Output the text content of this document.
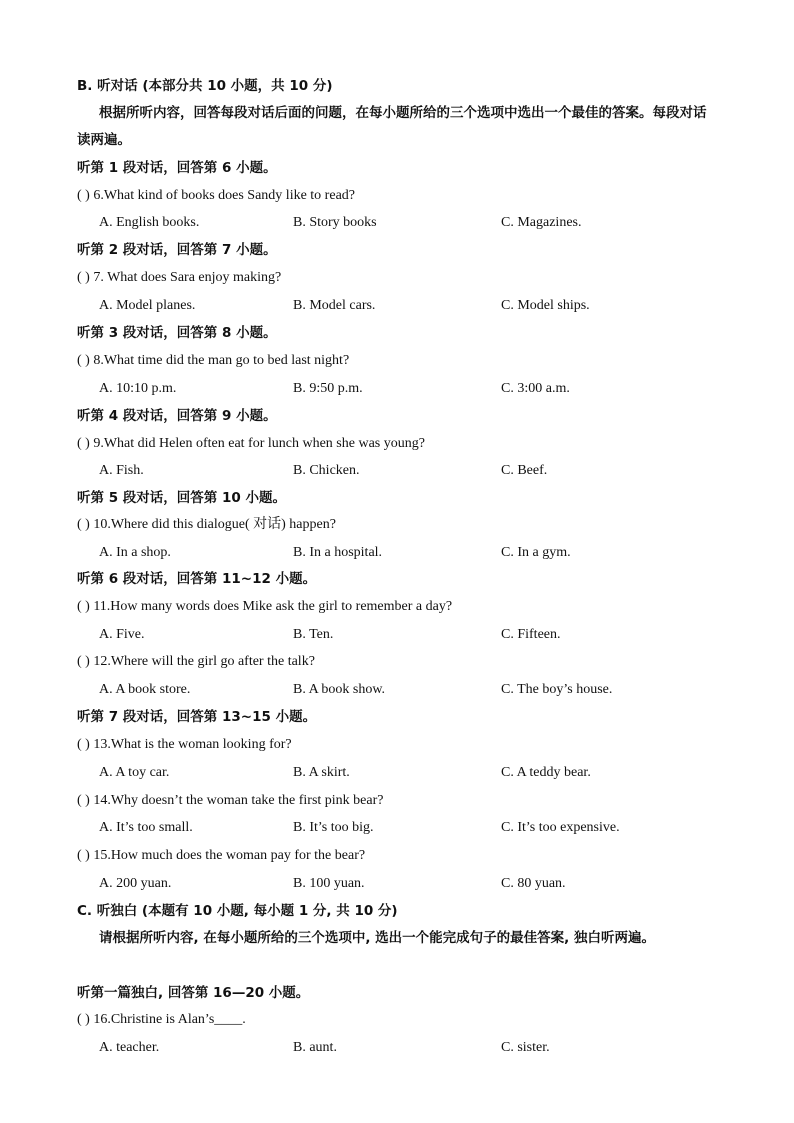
B. 听对话 (本部分共 10 小题，共 10 分)
根据所听内容，回答每段对话后面的问题，在每小题所给的三个选项中选出一个最佳的答案。每段对话读两遍。
听第 1 段对话，回答第 6 小题。
( ) 6.What kind of books does Sandy like to read?
A. English books.	B. Story books	C. Magazines.
听第 2 段对话，回答第 7 小题。
( ) 7. What does Sara enjoy making?
A. Model planes.	B. Model cars.	C. Model ships.
听第 3 段对话，回答第 8 小题。
( ) 8.What time did the man go to bed last night?
A. 10:10 p.m.	B. 9:50 p.m.	C. 3:00 a.m.
听第 4 段对话，回答第 9 小题。
( ) 9.What did Helen often eat for lunch when she was young?
A. Fish.	B. Chicken.	C. Beef.
听第 5 段对话，回答第 10 小题。
( ) 10.Where did this dialogue( 对话) happen?
A. In a shop.	B. In a hospital.	C. In a gym.
听第 6 段对话，回答第 11~12 小题。
( ) 11.How many words does Mike ask the girl to remember a day?
A. Five.	B. Ten.	C. Fifteen.
( ) 12.Where will the girl go after the talk?
A. A book store.	B. A book show.	C. The boy’s house.
听第 7 段对话，回答第 13~15 小题。
( ) 13.What is the woman looking for?
A. A toy car.	B. A skirt.	C. A teddy bear.
( ) 14.Why doesn’t the woman take the first pink bear?
A. It’s too small.	B. It’s too big.	C. It’s too expensive.
( ) 15.How much does the woman pay for the bear?
A. 200 yuan.	B. 100 yuan.	C. 80 yuan.
C. 听独白 (本题有 10 小题, 每小题 1 分, 共 10 分)
请根据所听内容, 在每小题所给的三个选项中, 选出一个能完成句子的最佳答案, 独白听两遍。
听第一篇独白, 回答第 16—20 小题。
( ) 16.Christine is Alan’s____.
A. teacher.	B. aunt.	C. sister.
